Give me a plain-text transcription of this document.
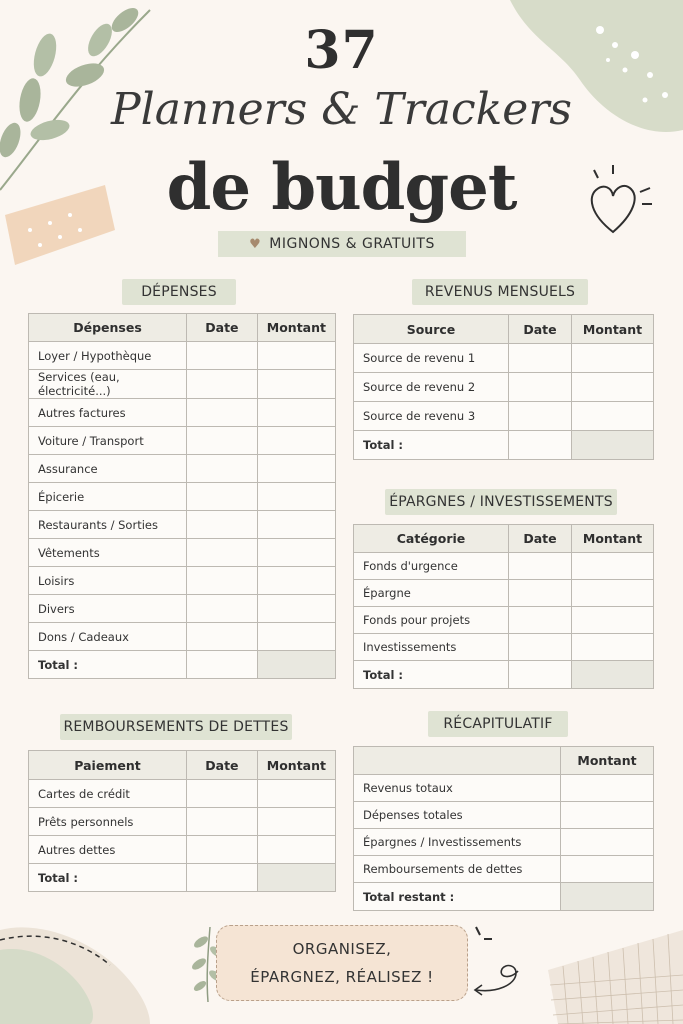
37
Planners & Trackers
de budget
♥ MIGNONS & GRATUITS
DÉPENSES
Dépenses	Date	Montant
Loyer / Hypothèque		
Services (eau, électricité...)		
Autres factures		
Voiture / Transport		
Assurance		
Épicerie		
Restaurants / Sorties		
Vêtements		
Loisirs		
Divers		
Dons / Cadeaux		
Total :		
REVENUS MENSUELS
Source	Date	Montant
Source de revenu 1		
Source de revenu 2		
Source de revenu 3		
Total :		
ÉPARGNES / INVESTISSEMENTS
Catégorie	Date	Montant
Fonds d'urgence		
Épargne		
Fonds pour projets		
Investissements		
Total :		
REMBOURSEMENTS DE DETTES
Paiement	Date	Montant
Cartes de crédit		
Prêts personnels		
Autres dettes		
Total :		
RÉCAPITULATIF
	Montant
Revenus totaux	
Dépenses totales	
Épargnes / Investissements	
Remboursements de dettes	
Total restant :	
ORGANISEZ,
ÉPARGNEZ, RÉALISEZ !
